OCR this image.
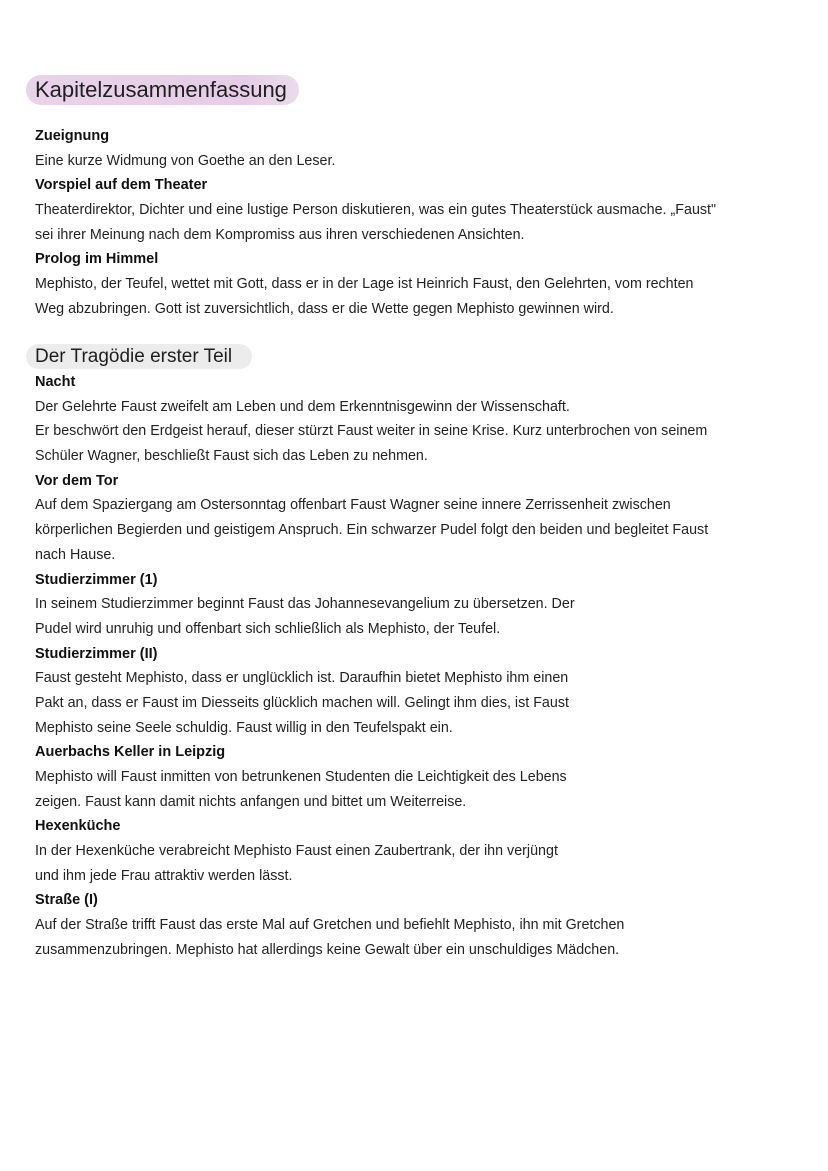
Kapitelzusammenfassung
Zueignung
Eine kurze Widmung von Goethe an den Leser.
Vorspiel auf dem Theater
Theaterdirektor, Dichter und eine lustige Person diskutieren, was ein gutes Theaterstück ausmache. „Faust"
sei ihrer Meinung nach dem Kompromiss aus ihren verschiedenen Ansichten.
Prolog im Himmel
Mephisto, der Teufel, wettet mit Gott, dass er in der Lage ist Heinrich Faust, den Gelehrten, vom rechten
Weg abzubringen. Gott ist zuversichtlich, dass er die Wette gegen Mephisto gewinnen wird.
Der Tragödie erster Teil
Nacht
Der Gelehrte Faust zweifelt am Leben und dem Erkenntnisgewinn der Wissenschaft.
Er beschwört den Erdgeist herauf, dieser stürzt Faust weiter in seine Krise. Kurz unterbrochen von seinem
Schüler Wagner, beschließt Faust sich das Leben zu nehmen.
Vor dem Tor
Auf dem Spaziergang am Ostersonntag offenbart Faust Wagner seine innere Zerrissenheit zwischen
körperlichen Begierden und geistigem Anspruch. Ein schwarzer Pudel folgt den beiden und begleitet Faust
nach Hause.
Studierzimmer (1)
In seinem Studierzimmer beginnt Faust das Johannesevangelium zu übersetzen. Der
Pudel wird unruhig und offenbart sich schließlich als Mephisto, der Teufel.
Studierzimmer (II)
Faust gesteht Mephisto, dass er unglücklich ist. Daraufhin bietet Mephisto ihm einen
Pakt an, dass er Faust im Diesseits glücklich machen will. Gelingt ihm dies, ist Faust
Mephisto seine Seele schuldig. Faust willig in den Teufelspakt ein.
Auerbachs Keller in Leipzig
Mephisto will Faust inmitten von betrunkenen Studenten die Leichtigkeit des Lebens
zeigen. Faust kann damit nichts anfangen und bittet um Weiterreise.
Hexenküche
In der Hexenküche verabreicht Mephisto Faust einen Zaubertrank, der ihn verjüngt
und ihm jede Frau attraktiv werden lässt.
Straße (I)
Auf der Straße trifft Faust das erste Mal auf Gretchen und befiehlt Mephisto, ihn mit Gretchen
zusammenzubringen. Mephisto hat allerdings keine Gewalt über ein unschuldiges Mädchen.
